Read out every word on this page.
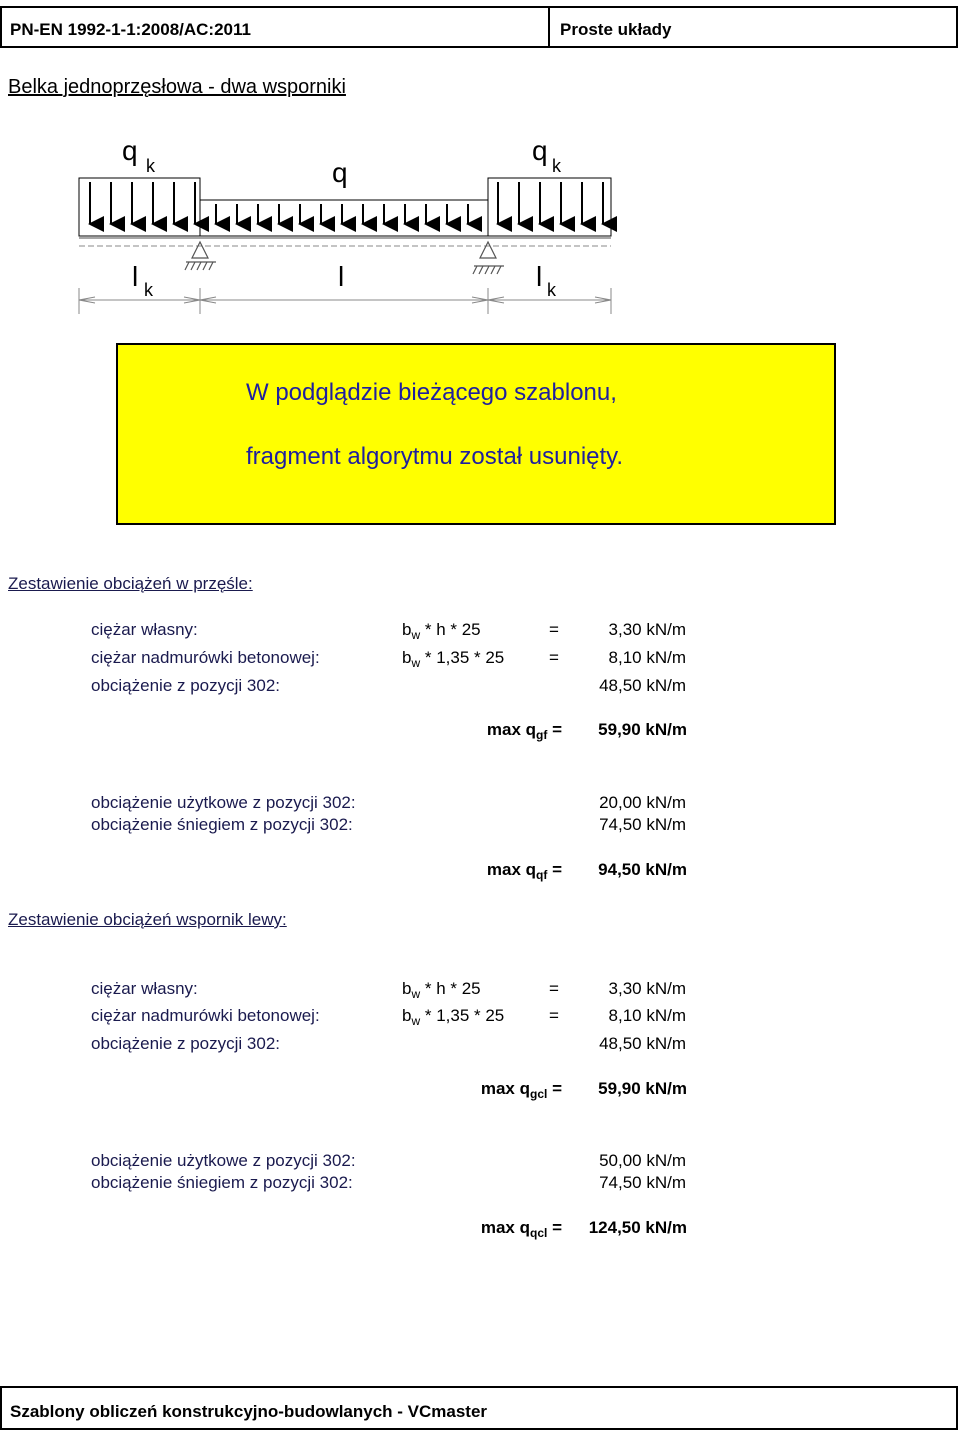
PN-EN 1992-1-1:2008/AC:2011	Proste układy
Belka jednoprzęsłowa - dwa wsporniki
q k	q
q k
l k	l	l k
W podglądzie bieżącego szablonu,
fragment algorytmu został usunięty.
Zestawienie obciążeń w przęśle:
ciężar własny:	$b_w$ * h * 25	=	3,30 kN/m
ciężar nadmurówki betonowej:	$b_w * 1,35 * 25$	=	8,10 kN/m
obciążenie z pozycji 302:	48,50 kN/m
$\max q_{gf}$ =	59,90 kN/m
obciążenie użytkowe z pozycji 302:	20,00 kN/m
obciążenie śniegiem z pozycji 302:	74,50 kN/m
$\max q_{qf}$ =	94,50 kN/m
Zestawienie obciążeń wspornik lewy:
ciężar własny:	$b_w$ * h * 25	=	3,30 kN/m
ciężar nadmurówki betonowej:	$b_w * 1,35 * 25$	=	8,10 kN/m
obciążenie z pozycji 302:	48,50 kN/m
$\max q_{gcl}$ =	59,90 kN/m
obciążenie użytkowe z pozycji 302:	50,00 kN/m
obciążenie śniegiem z pozycji 302:	74,50 kN/m
$\max q_{qcl}$ =	124,50 kN/m
Szablony obliczeń konstrukcyjno-budowlanych - VCmaster
